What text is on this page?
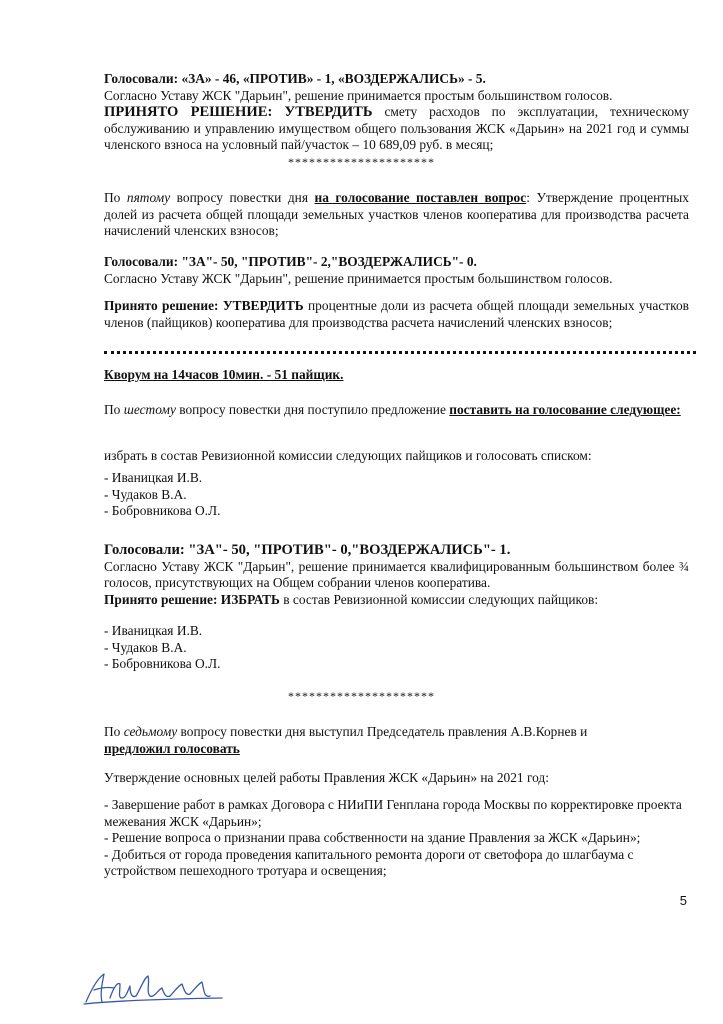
Голосовали: «ЗА» - 46, «ПРОТИВ» - 1, «ВОЗДЕРЖАЛИСЬ» - 5.
Согласно Уставу ЖСК "Дарьин", решение принимается простым большинством голосов.
ПРИНЯТО РЕШЕНИЕ: УТВЕРДИТЬ смету расходов по эксплуатации, техническому обслуживанию и управлению имуществом общего пользования ЖСК «Дарьин» на 2021 год и суммы членского взноса на условный пай/участок – 10 689,09 руб. в месяц;
*********************
По пятому вопросу повестки дня на голосование поставлен вопрос: Утверждение процентных долей из расчета общей площади земельных участков членов кооператива для производства расчета начислений членских взносов;
Голосовали: "ЗА"- 50, "ПРОТИВ"- 2,"ВОЗДЕРЖАЛИСЬ"- 0.
Согласно Уставу ЖСК "Дарьин", решение принимается простым большинством голосов.
Принято решение: УТВЕРДИТЬ процентные доли из расчета общей площади земельных участков членов (пайщиков) кооператива для производства расчета начислений членских взносов;
Кворум на 14часов 10мин. - 51 пайщик.
По шестому вопросу повестки дня поступило предложение поставить на голосование следующее:
избрать в состав Ревизионной комиссии следующих пайщиков и голосовать списком:
- Иваницкая И.В.
- Чудаков В.А.
- Бобровникова О.Л.
Голосовали: "ЗА"- 50, "ПРОТИВ"- 0,"ВОЗДЕРЖАЛИСЬ"- 1.
Согласно Уставу ЖСК "Дарьин", решение принимается квалифицированным большинством более ¾ голосов, присутствующих на Общем собрании членов кооператива.
Принято решение: ИЗБРАТЬ в состав Ревизионной комиссии следующих пайщиков:
- Иваницкая И.В.
- Чудаков В.А.
- Бобровникова О.Л.
*********************
По седьмому вопросу повестки дня выступил Председатель правления А.В.Корнев и
предложил голосовать
Утверждение основных целей работы Правления ЖСК «Дарьин» на 2021 год:
- Завершение работ в рамках Договора с НИиПИ Генплана города Москвы по корректировке проекта межевания ЖСК «Дарьин»;
- Решение вопроса о признании права собственности на здание Правления за ЖСК «Дарьин»;
- Добиться от города проведения капитального ремонта дороги от светофора до шлагбаума с устройством пешеходного тротуара и освещения;
5
